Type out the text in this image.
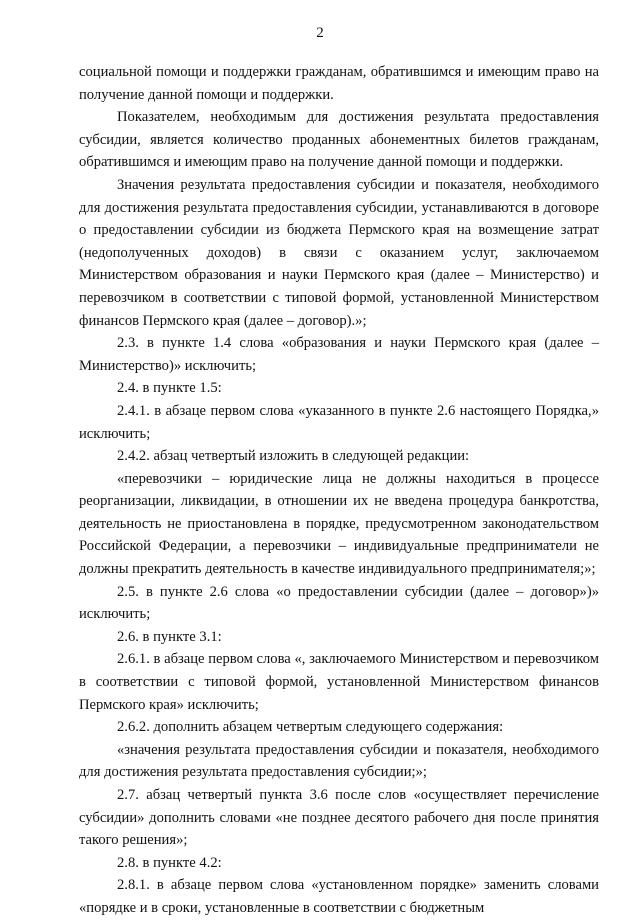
2

социальной помощи и поддержки гражданам, обратившимся и имеющим право на получение данной помощи и поддержки.

Показателем, необходимым для достижения результата предоставления субсидии, является количество проданных абонементных билетов гражданам, обратившимся и имеющим право на получение данной помощи и поддержки.

Значения результата предоставления субсидии и показателя, необходимого для достижения результата предоставления субсидии, устанавливаются в договоре о предоставлении субсидии из бюджета Пермского края на возмещение затрат (недополученных доходов) в связи с оказанием услуг, заключаемом Министерством образования и науки Пермского края (далее – Министерство) и перевозчиком в соответствии с типовой формой, установленной Министерством финансов Пермского края (далее – договор).»;

2.3. в пункте 1.4 слова «образования и науки Пермского края (далее – Министерство)» исключить;

2.4. в пункте 1.5:

2.4.1. в абзаце первом слова «указанного в пункте 2.6 настоящего Порядка,» исключить;

2.4.2. абзац четвертый изложить в следующей редакции:

«перевозчики – юридические лица не должны находиться в процессе реорганизации, ликвидации, в отношении их не введена процедура банкротства, деятельность не приостановлена в порядке, предусмотренном законодательством Российской Федерации, а перевозчики – индивидуальные предприниматели не должны прекратить деятельность в качестве индивидуального предпринимателя;»;

2.5. в пункте 2.6 слова «о предоставлении субсидии (далее – договор»)» исключить;

2.6. в пункте 3.1:

2.6.1. в абзаце первом слова «, заключаемого Министерством и перевозчиком в соответствии с типовой формой, установленной Министерством финансов Пермского края» исключить;

2.6.2. дополнить абзацем четвертым следующего содержания:

«значения результата предоставления субсидии и показателя, необходимого для достижения результата предоставления субсидии;»;

2.7. абзац четвертый пункта 3.6 после слов «осуществляет перечисление субсидии» дополнить словами «не позднее десятого рабочего дня после принятия такого решения»;

2.8. в пункте 4.2:

2.8.1. в абзаце первом слова «установленном порядке» заменить словами «порядке и в сроки, установленные в соответствии с бюджетным
